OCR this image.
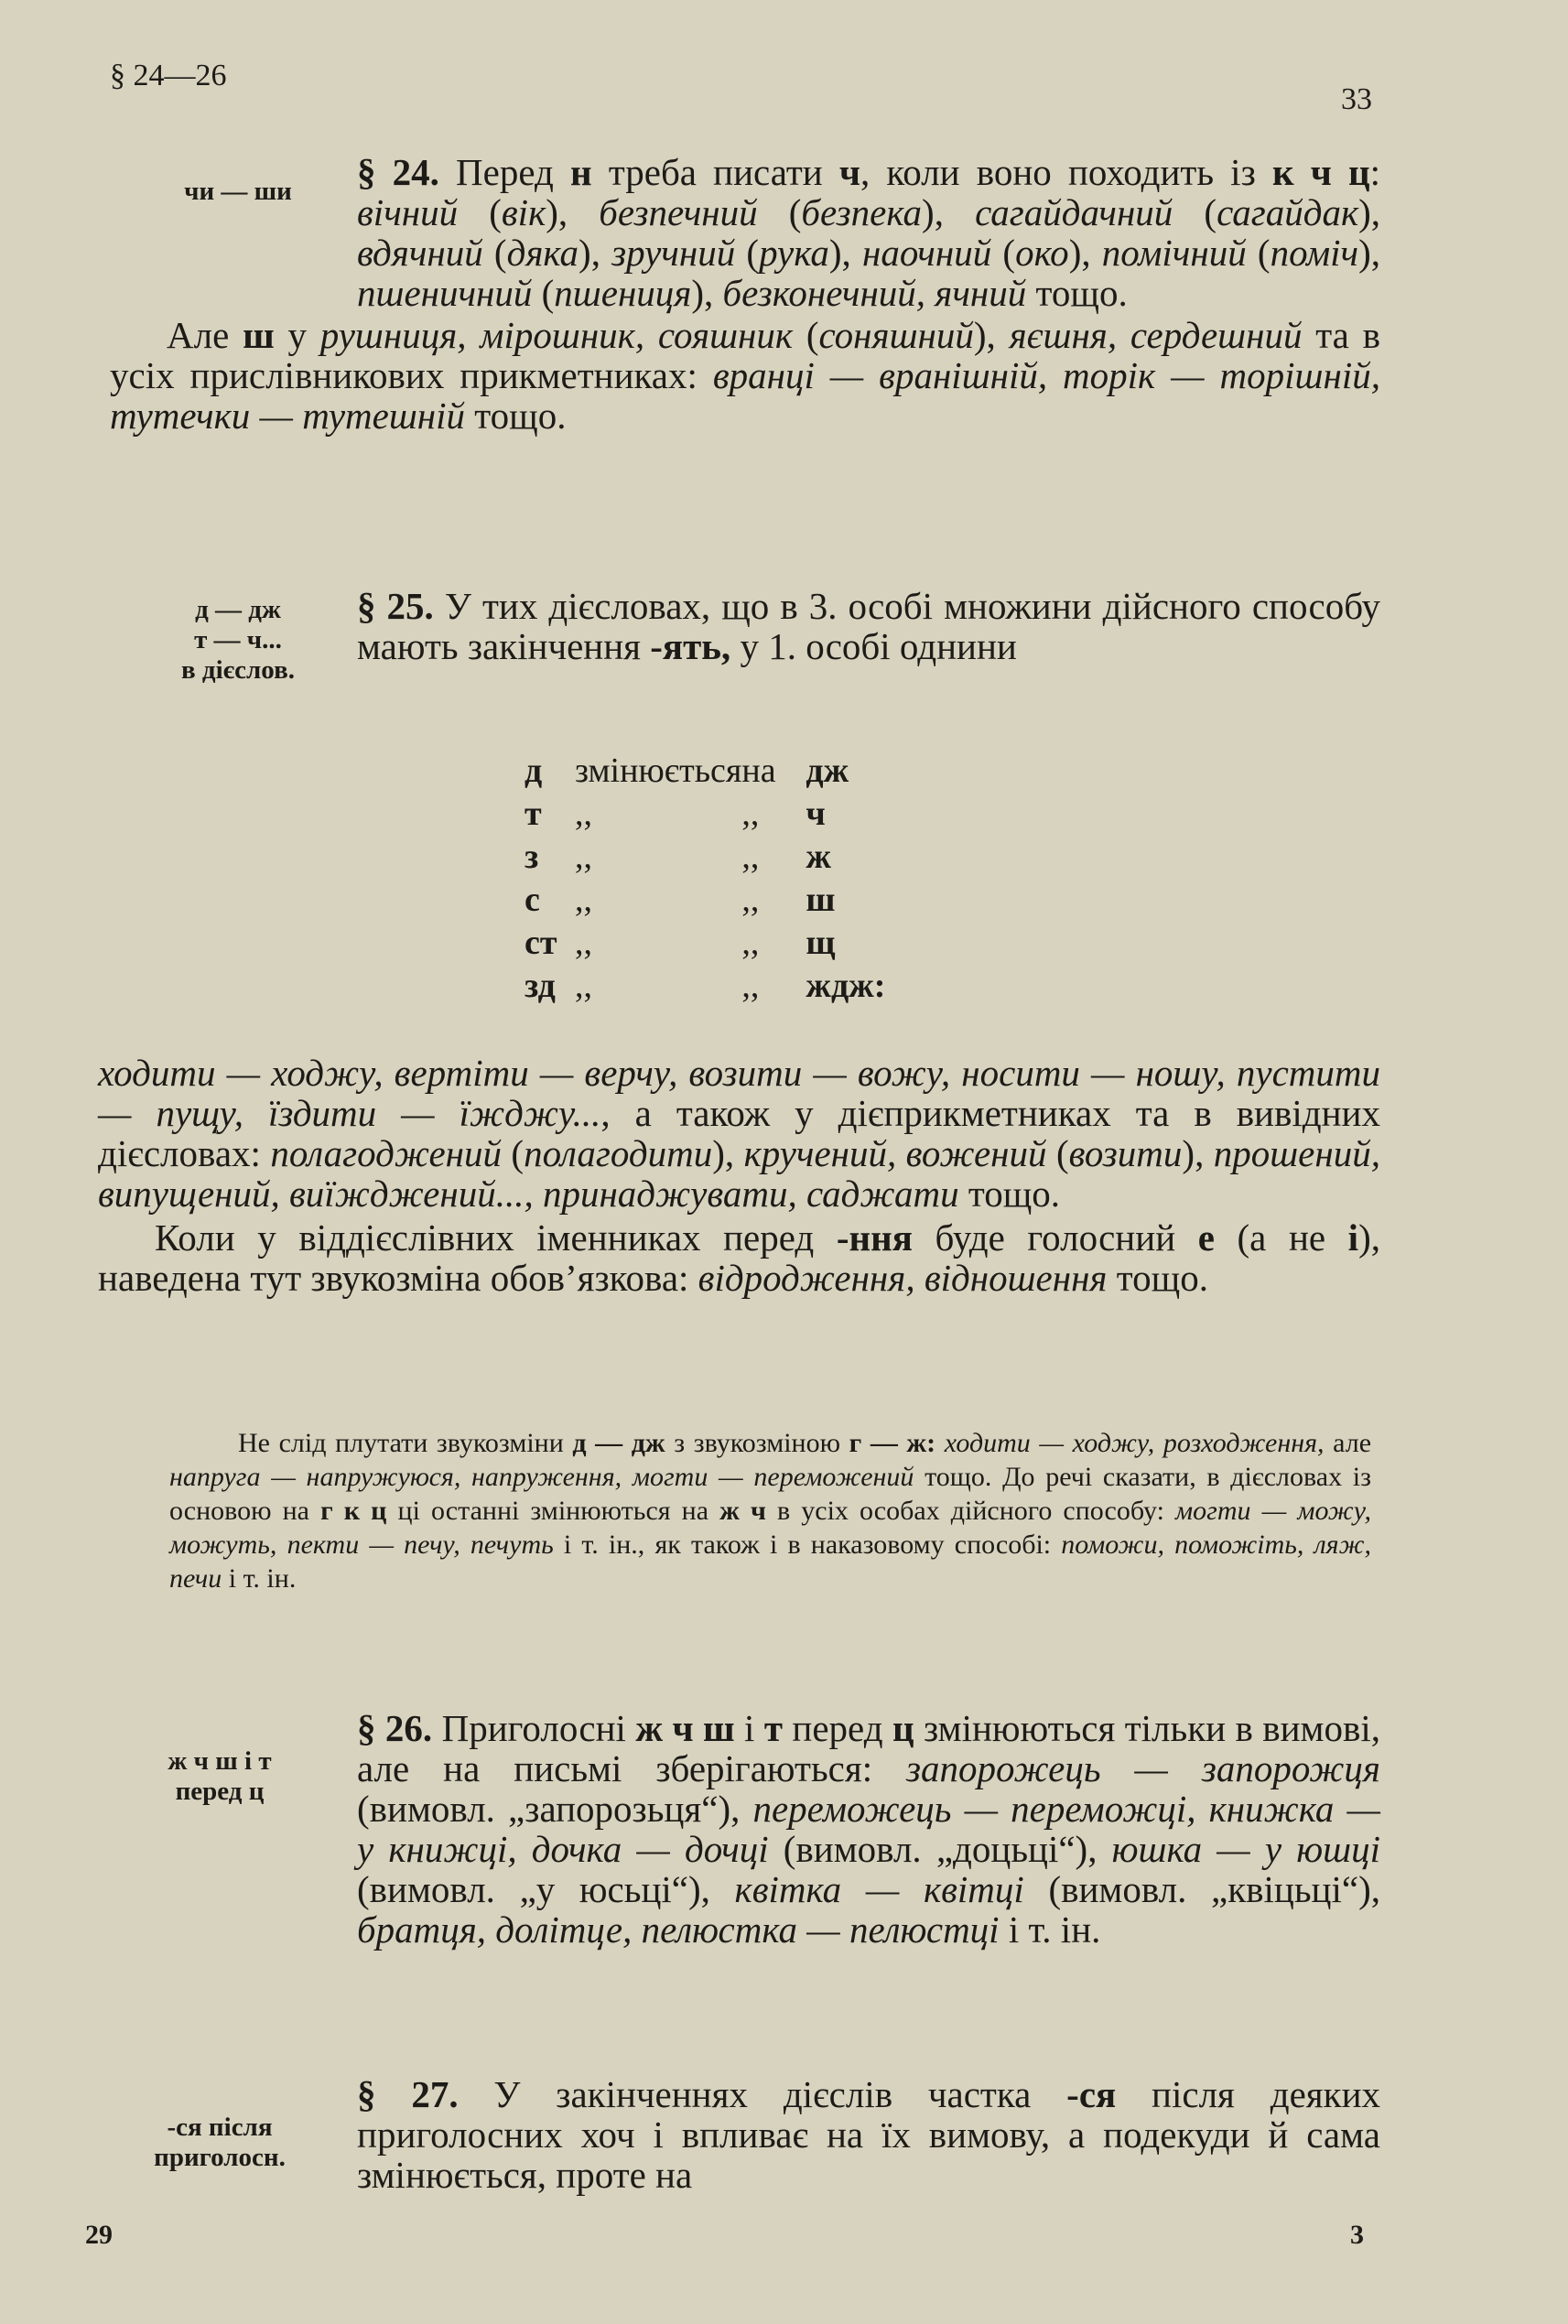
§ 24—26
33
чи — ши	§ 24. Перед н треба писати ч, коли воно походить із к ч ц: вічний (вік), безпечний (безпека), сагайдачний (сагайдак), вдячний (дяка), зручний (рука), наочний (око), помічний (поміч), пшеничний (пшениця), безконечний, ячний тощо.

Але ш у рушниця, мірошник, сояшник (соняшний), яєшня, сердешний та в усіх прислівникових прикметниках: вранці — вранішній, торік — торішній, тутечки — тутешній тощо.

д — дж
т — ч...
в дієслов.

§ 25. У тих дієсловах, що в 3. особі множини дійсного способу мають закінчення -ять, у 1. особі однини

д	змінюється	на	дж
т	,,	,,	ч
з	,,	,,	ж
с	,,	,,	ш
ст	,,	,,	щ
зд	,,	,,	ждж:

ходити — ходжу, вертіти — верчу, возити — вожу, носити — ношу, пустити — пущу, їздити — їжджу..., а також у дієприкметниках та в вивідних дієсловах: полагоджений (полагодити), кручений, вожений (возити), прошений, випущений, виїжджений..., принаджувати, саджати тощо.

Коли у віддієслівних іменниках перед -ння буде голосний е (а не і), наведена тут звукозміна обов’язкова: відродження, відношення тощо.

Не слід плутати звукозміни д — дж з звукозміною г — ж: ходити — ходжу, розходження, але напруга — напружуюся, напруження, могти — переможений тощо. До речі сказати, в дієсловах із основою на г к ц ці останні змінюються на ж ч в усіх особах дійсного способу: могти — можу, можуть, пекти — печу, печуть і т. ін., як також і в наказовому способі: поможи, поможіть, ляж, печи і т. ін.
ж ч ш і т
перед ц

§ 26. Приголосні ж ч ш і т перед ц змінюються тільки в вимові, але на письмі зберігаються: запорожець — запорожця (вимовл. „запорозьця“), переможець — переможці, книжка — у книжці, дочка — дочці (вимовл. „доцьці“), юшка — у юшці (вимовл. „у юсьці“), квітка — квітці (вимовл. „квіцьці“), братця, долітце, пелюстка — пелюстці і т. ін.

-ся після
приголосн.

§ 27. У закінченнях дієслів частка -ся після деяких приголосних хоч і впливає на їх вимову, а подекуди й сама змінюється, проте на

29	3
